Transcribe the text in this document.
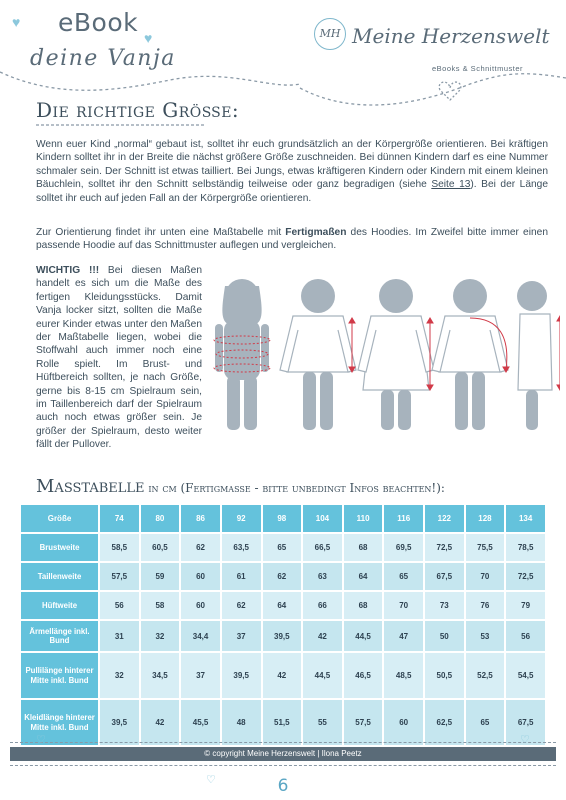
♥
♥
eBook
deine Vanja
MH Meine Herzenswelt
eBooks & Schnittmuster
Die richtige Größe:

Wenn euer Kind „normal“ gebaut ist, solltet ihr euch grundsätzlich an der Körpergröße orientieren. Bei kräftigen Kindern solltet ihr in der Breite die nächst größere Größe zuschneiden. Bei dünnen Kindern darf es eine Nummer schmaler sein. Der Schnitt ist etwas tailliert. Bei Jungs, etwas kräftigeren Kindern oder Kindern mit einem kleinen Bäuchlein, solltet ihr den Schnitt selbständig teilweise oder ganz begradigen (siehe Seite 13). Bei der Länge solltet ihr euch auf jeden Fall an der Körpergröße orientieren.

Zur Orientierung findet ihr unten eine Maßtabelle mit Fertigmaßen des Hoodies. Im Zweifel bitte immer einen passende Hoodie auf das Schnittmuster auflegen und vergleichen.

WICHTIG !!! Bei diesen Maßen handelt es sich um die Maße des fertigen Kleidungsstücks. Damit Vanja locker sitzt, sollten die Maße eurer Kinder etwas unter den Maßen der Maßtabelle liegen, wobei die Stoffwahl auch immer noch eine Rolle spielt. Im Brust- und Hüftbereich sollten, je nach Größe, gerne bis 8-15 cm Spielraum sein, im Taillenbereich darf der Spielraum auch noch etwas größer sein. Je größer der Spielraum, desto weiter fällt der Pullover.

Maßtabelle in cm (Fertigmaße - bitte unbedingt Infos beachten!):
Größe	74	80	86	92	98	104	110	116	122	128	134
Brustweite	58,5	60,5	62	63,5	65	66,5	68	69,5	72,5	75,5	78,5
Taillenweite	57,5	59	60	61	62	63	64	65	67,5	70	72,5
Hüftweite	56	58	60	62	64	66	68	70	73	76	79
Ärmellänge inkl. Bund	31	32	34,4	37	39,5	42	44,5	47	50	53	56
Pullilänge hinterer Mitte inkl. Bund	32	34,5	37	39,5	42	44,5	46,5	48,5	50,5	52,5	54,5
Kleidlänge hinterer Mitte inkl. Bund	39,5	42	45,5	48	51,5	55	57,5	60	62,5	65	67,5
© copyright Meine Herzenswelt | Ilona Peetz
♡
♡
♡
6
